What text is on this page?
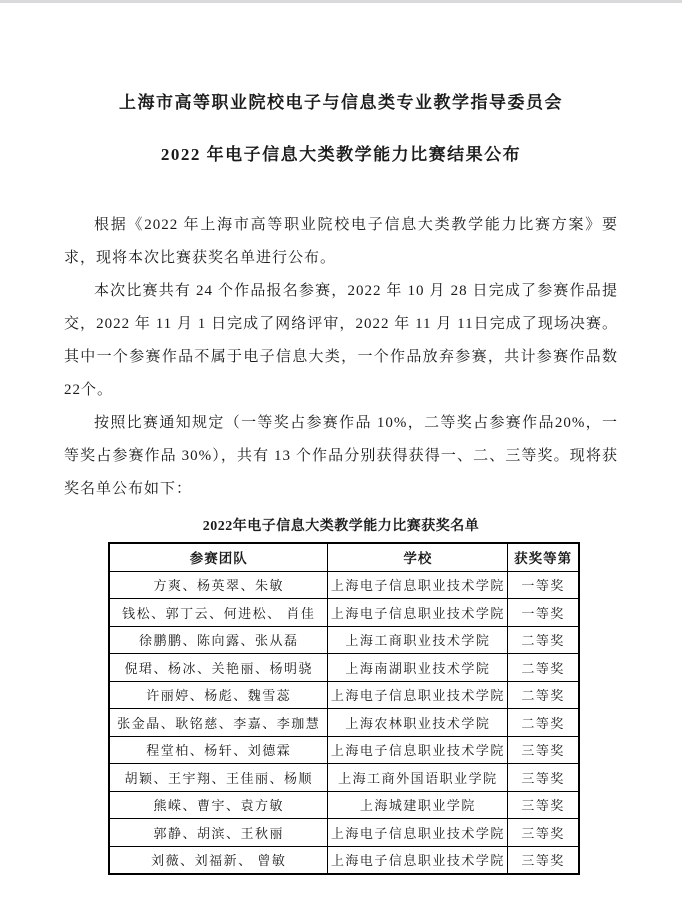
上海市高等职业院校电子与信息类专业教学指导委员会
2022 年电子信息大类教学能力比赛结果公布

根据《2022 年上海市高等职业院校电子信息大类教学能力比赛方案》要求，现将本次比赛获奖名单进行公布。

本次比赛共有 24 个作品报名参赛，2022 年 10 月 28 日完成了参赛作品提交，2022 年 11 月 1 日完成了网络评审，2022 年 11 月 11日完成了现场决赛。其中一个参赛作品不属于电子信息大类，一个作品放弃参赛，共计参赛作品数22个。

按照比赛通知规定（一等奖占参赛作品 10%，二等奖占参赛作品20%，一等奖占参赛作品 30%），共有 13 个作品分别获得获得一、二、三等奖。现将获奖名单公布如下：

2022年电子信息大类教学能力比赛获奖名单
参赛团队	学校	获奖等第
方爽、杨英翠、朱敏	上海电子信息职业技术学院	一等奖
钱松、郭丁云、何进松、 肖佳	上海电子信息职业技术学院	一等奖
徐鹏鹏、陈向露、张从磊	上海工商职业技术学院	二等奖
倪珺、杨冰、关艳丽、杨明骁	上海南湖职业技术学院	二等奖
许丽婷、杨彪、魏雪蕊	上海电子信息职业技术学院	二等奖
张金晶、耿铭慈、李嘉、李珈慧	上海农林职业技术学院	二等奖
程堂柏、杨轩、刘德霖	上海电子信息职业技术学院	三等奖
胡颖、王宇翔、王佳丽、杨顺	上海工商外国语职业学院	三等奖
熊嵘、曹宇、袁方敏	上海城建职业学院	三等奖
郭静、胡滨、王秋丽	上海电子信息职业技术学院	三等奖
刘薇、刘福新、 曾敏	上海电子信息职业技术学院	三等奖
